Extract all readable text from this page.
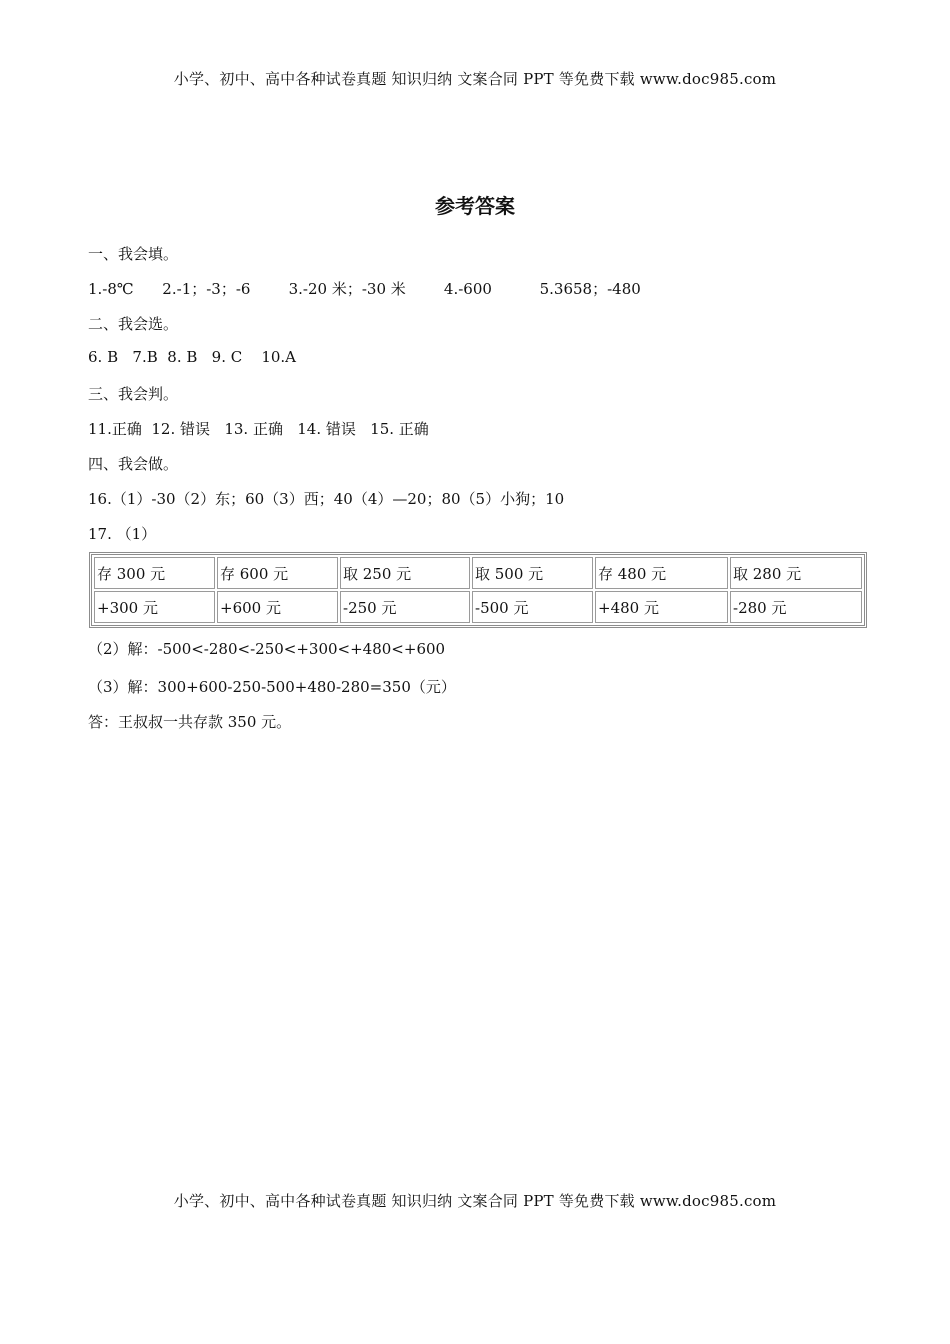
小学、初中、高中各种试卷真题 知识归纳 文案合同 PPT 等免费下载 www.doc985.com
参考答案
一、我会填。
1.-8℃      2.-1；-3；-6        3.-20 米；-30 米        4.-600          5.3658；-480
二、我会选。
6. B   7.B  8. B   9. C    10.A
三、我会判。
11.正确  12. 错误   13. 正确   14. 错误   15. 正确
四、我会做。
16.（1）-30（2）东；60（3）西；40（4）—20；80（5）小狗；10
17. （1）
存 300 元	存 600 元	取 250 元	取 500 元	存 480 元	取 280 元
+300 元	+600 元	-250 元	-500 元	+480 元	-280 元
（2）解：-500<-280<-250<+300<+480<+600
（3）解：300+600-250-500+480-280=350（元）
答：王叔叔一共存款 350 元。
小学、初中、高中各种试卷真题 知识归纳 文案合同 PPT 等免费下载 www.doc985.com
